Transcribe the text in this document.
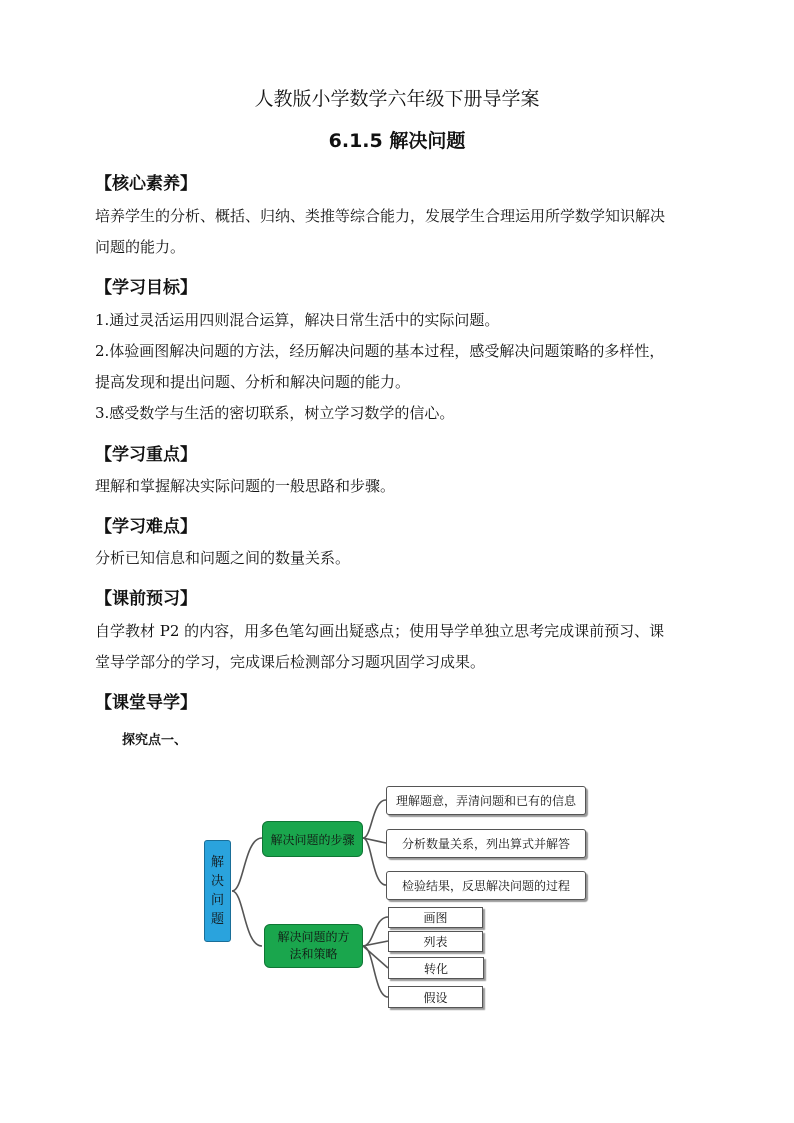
人教版小学数学六年级下册导学案
6.1.5 解决问题
【核心素养】
培养学生的分析、概括、归纳、类推等综合能力，发展学生合理运用所学数学知识解决
问题的能力。
【学习目标】
1.通过灵活运用四则混合运算，解决日常生活中的实际问题。
2.体验画图解决问题的方法，经历解决问题的基本过程，感受解决问题策略的多样性，
提高发现和提出问题、分析和解决问题的能力。
3.感受数学与生活的密切联系，树立学习数学的信心。
【学习重点】
理解和掌握解决实际问题的一般思路和步骤。
【学习难点】
分析已知信息和问题之间的数量关系。
【课前预习】
自学教材 P2 的内容，用多色笔勾画出疑惑点；使用导学单独立思考完成课前预习、课
堂导学部分的学习，完成课后检测部分习题巩固学习成果。
【课堂导学】
探究点一、
解
决
问
题
解决问题的步骤
解决问题的方
法和策略
理解题意，弄清问题和已有的信息
分析数量关系，列出算式并解答
检验结果，反思解决问题的过程
画图
列表
转化
假设
